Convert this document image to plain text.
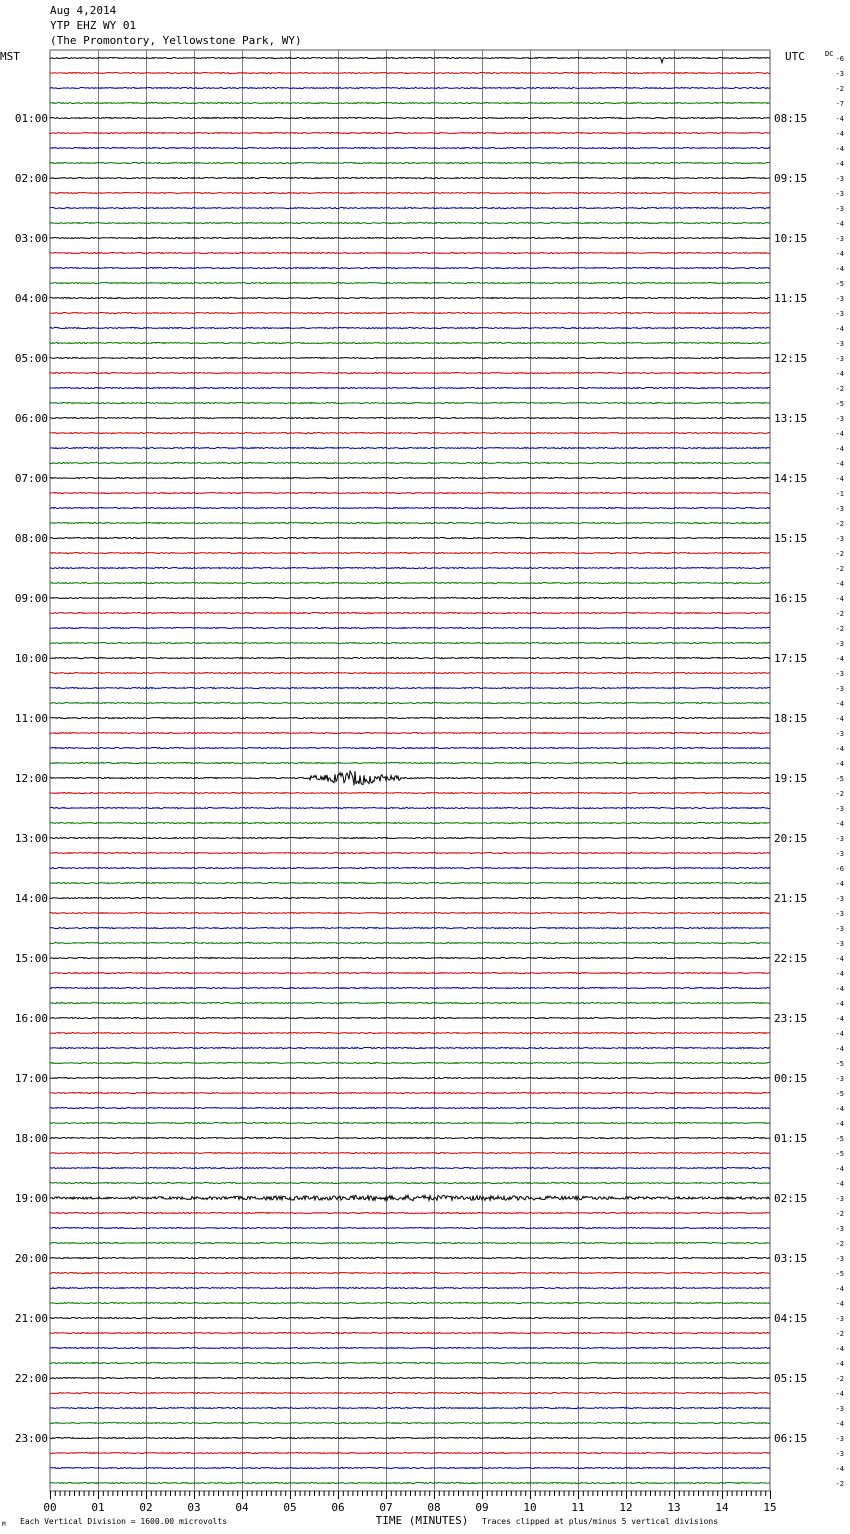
Aug 4,2014
YTP EHZ WY 01
(The Promontory, Yellowstone Park, WY)
-6
-3
-2
-7
-4
-4
-4
-4
-3
-3
-3
-4
-3
-4
-4
-5
-3
-3
-4
-3
-3
-4
-2
-5
-3
-4
-4
-4
-4
-1
-3
-2
-3
-2
-2
-4
-4
-2
-2
-3
-4
-3
-3
-4
-4
-3
-4
-4
-5
-2
-3
-4
-3
-3
-6
-4
-3
-3
-3
-3
-4
-4
-4
-4
-4
-4
-4
-5
-3
-5
-4
-4
-5
-5
-4
-4
-3
-2
-3
-2
-3
-5
-4
-4
-3
-2
-4
-4
-2
-4
-3
-4
-3
-3
-4
-2
MST	UTC	DC
01:00
02:00
03:00
04:00
05:00
06:00
07:00
08:00
09:00
10:00
11:00
12:00
13:00
14:00
15:00
16:00
17:00
18:00
19:00
20:00
21:00
22:00
23:00
08:15
09:15
10:15
11:15
12:15
13:15
14:15
15:15
16:15
17:15
18:15
19:15
20:15
21:15
22:15
23:15
00:15
01:15
02:15
03:15
04:15
05:15
06:15
00	01	02	03	04	05	06	07	08	09	10	11	12	13	14	15
TIME (MINUTES)
Each Vertical Division = 1600.00 microvolts	Traces clipped at plus/minus 5 vertical divisions
M
